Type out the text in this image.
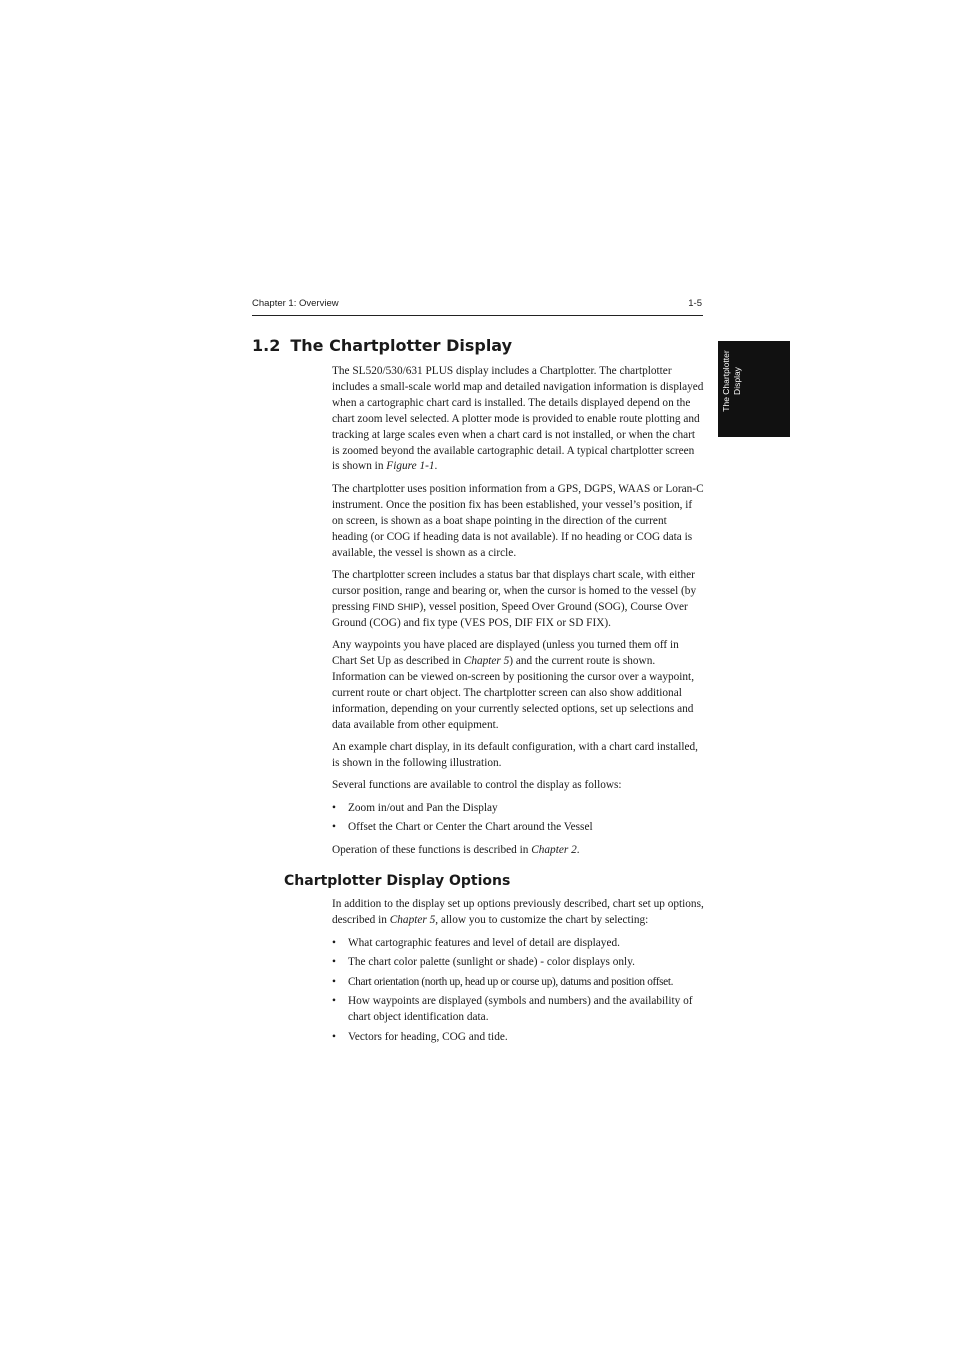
Chapter 1: Overview	1-5
The Chartplotter Display
1.2 The Chartplotter Display

The SL520/530/631 PLUS display includes a Chartplotter. The chartplotter includes a small-scale world map and detailed navigation information is displayed when a cartographic chart card is installed. The details displayed depend on the chart zoom level selected. A plotter mode is provided to enable route plotting and tracking at large scales even when a chart card is not installed, or when the chart is zoomed beyond the available cartographic detail. A typical chartplotter screen is shown in Figure 1-1.

The chartplotter uses position information from a GPS, DGPS, WAAS or Loran-C instrument. Once the position fix has been established, your vessel’s position, if on screen, is shown as a boat shape pointing in the direction of the current heading (or COG if heading data is not available). If no heading or COG data is available, the vessel is shown as a circle.

The chartplotter screen includes a status bar that displays chart scale, with either cursor position, range and bearing or, when the cursor is homed to the vessel (by pressing FIND SHIP), vessel position, Speed Over Ground (SOG), Course Over Ground (COG) and fix type (VES POS, DIF FIX or SD FIX).

Any waypoints you have placed are displayed (unless you turned them off in Chart Set Up as described in Chapter 5) and the current route is shown. Information can be viewed on-screen by positioning the cursor over a waypoint, current route or chart object. The chartplotter screen can also show additional information, depending on your currently selected options, set up selections and data available from other equipment.

An example chart display, in its default configuration, with a chart card installed, is shown in the following illustration.

Several functions are available to control the display as follows:

• Zoom in/out and Pan the Display
• Offset the Chart or Center the Chart around the Vessel

Operation of these functions is described in Chapter 2.

Chartplotter Display Options

In addition to the display set up options previously described, chart set up options, described in Chapter 5, allow you to customize the chart by selecting:

• What cartographic features and level of detail are displayed.
• The chart color palette (sunlight or shade) - color displays only.
• Chart orientation (north up, head up or course up), datums and position offset.
• How waypoints are displayed (symbols and numbers) and the availability of chart object identification data.
• Vectors for heading, COG and tide.
